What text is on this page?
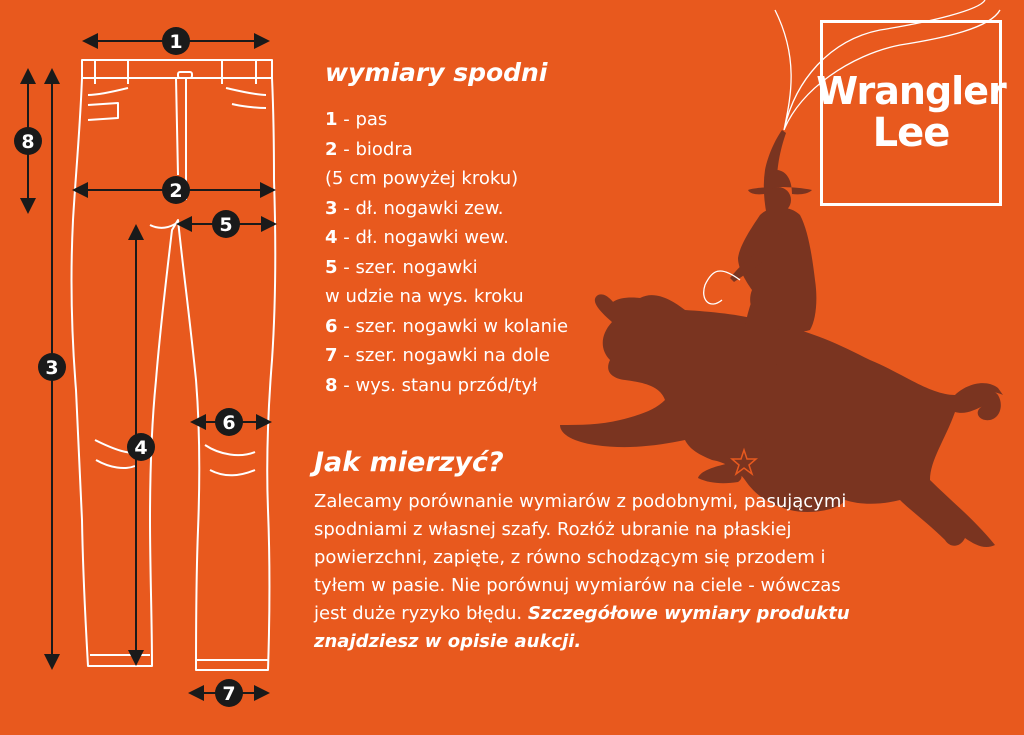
1
2
3
4
5
6
7
8
wymiary spodni
1 - pas
2 - biodra
(5 cm powyżej kroku)
3 - dł. nogawki zew.
4 - dł. nogawki wew.
5 - szer. nogawki
w udzie na wys. kroku
6 - szer. nogawki w kolanie
7 - szer. nogawki na dole
8 - wys. stanu przód/tył
Jak mierzyć?

Zalecamy porównanie wymiarów z podobnymi, pasującymi spodniami z własnej szafy. Rozłóż ubranie na płaskiej powierzchni, zapięte, z równo schodzącym się przodem i tyłem w pasie. Nie porównuj wymiarów na ciele - wówczas jest duże ryzyko błędu. Szczegółowe wymiary produktu znajdziesz w opisie aukcji.

Wrangler
Lee
